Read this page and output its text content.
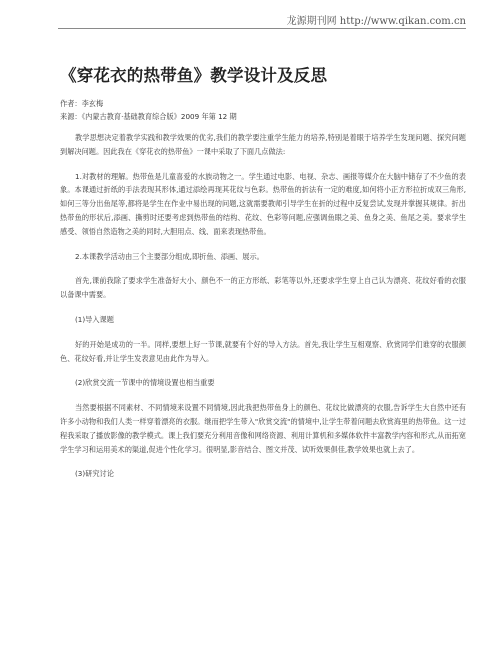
龙源期刊网 http://www.qikan.com.cn
《穿花衣的热带鱼》教学设计及反思
作者：李玄梅
来源：《内蒙古教育·基础教育综合版》2009 年第 12 期

教学思想决定着教学实践和教学效果的优劣,我们的教学要注重学生能力的培养,特别是着眼于培养学生发现问题、探究问题到解决问题。因此我在《穿花衣的热带鱼》一课中采取了下面几点做法:

1.对教材的理解。热带鱼是儿童喜爱的水族动物之一。学生通过电影、电视、杂志、画报等媒介在大脑中储存了不少鱼的表象。本课通过折纸的手法表现其形体,通过添绘再现其花纹与色彩。热带鱼的折法有一定的难度,如何将小正方形拉折成双三角形,如何三等分出鱼尾等,都将是学生在作业中易出现的问题,这就需要教师引导学生在折的过程中反复尝试,发现并掌握其规律。折出热带鱼的形状后,添画、撕剪时还要考虑到热带鱼的结构、花纹、色彩等问题,应强调鱼眼之美、鱼身之美、鱼尾之美。要求学生感受、领悟自然造物之美的同时,大胆用点、线、面来表现热带鱼。

2.本课教学活动由三个主要部分组成,即折鱼、添画、展示。

首先,课前我除了要求学生准备好大小、颜色不一的正方形纸、彩笔等以外,还要求学生穿上自己认为漂亮、花纹好看的衣服以备课中需要。

(1)导入课题

好的开始是成功的一半。同样,要想上好一节课,就要有个好的导入方法。首先,我让学生互相观察、欣赏同学们谁穿的衣服颜色、花纹好看,并让学生发表意见由此作为导入。

(2)欣赏交流一节课中的情境设置也相当重要

当然要根据不同素材、不同情境来设置不同情境,因此我把热带鱼身上的颜色、花纹比做漂亮的衣服,告诉学生大自然中还有许多小动物和我们人类一样穿着漂亮的衣服。继而把学生带入"欣赏交流"的情境中,让学生带着问题去欣赏海里的热带鱼。这一过程我采取了播放影像的教学模式。课上我们要充分利用音像和网络资源、利用计算机和多媒体软件丰富教学内容和形式,从而拓宽学生学习和运用美术的渠道,促进个性化学习。很明显,影音结合、图文并茂、试听效果俱佳,教学效果也就上去了。

(3)研究讨论
